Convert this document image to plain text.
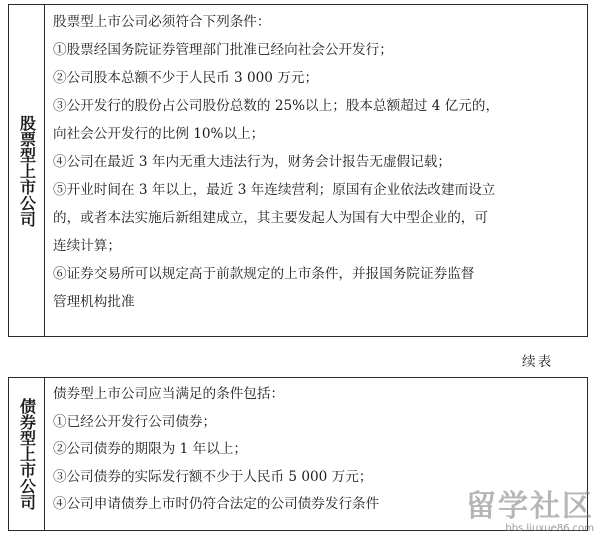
股票型上市公司
股票型上市公司必须符合下列条件：
①股票经国务院证券管理部门批准已经向社会公开发行；
②公司股本总额不少于人民币 3 000 万元；
③公开发行的股份占公司股份总数的 25%以上；股本总额超过 4 亿元的，
向社会公开发行的比例 10%以上；
④公司在最近 3 年内无重大违法行为，财务会计报告无虚假记载；
⑤开业时间在 3 年以上，最近 3 年连续营利；原国有企业依法改建而设立
的，或者本法实施后新组建成立，其主要发起人为国有大中型企业的，可
连续计算；
⑥证券交易所可以规定高于前款规定的上市条件，并报国务院证券监督
管理机构批准
续表
债券型上市公司
债券型上市公司应当满足的条件包括：
①已经公开发行公司债券；
②公司债券的期限为 1 年以上；
③公司债券的实际发行额不少于人民币 5 000 万元；
④公司申请债券上市时仍符合法定的公司债券发行条件	留学社区
bbs.liuxue86.com
